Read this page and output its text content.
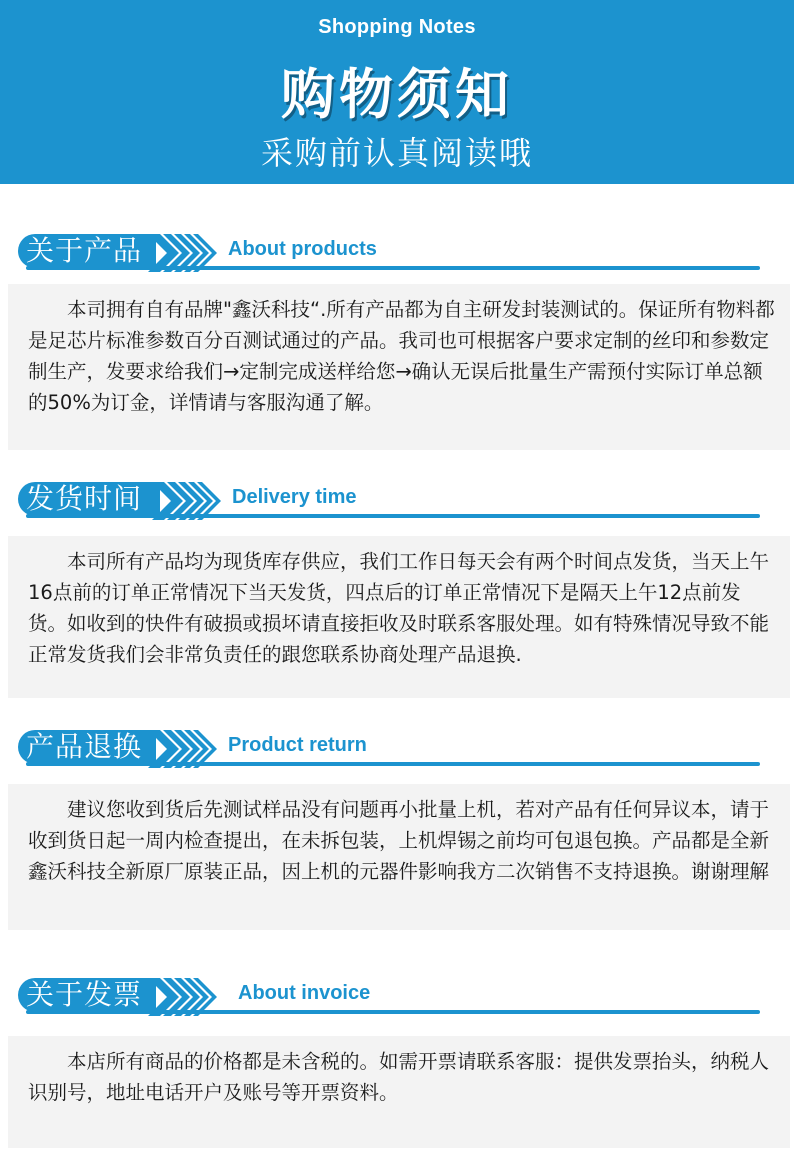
Shopping Notes
购物须知
采购前认真阅读哦
关于产品	About products

本司拥有自有品牌"鑫沃科技“.所有产品都为自主研发封装测试的。保证所有物料都是足芯片标准参数百分百测试通过的产品。我司也可根据客户要求定制的丝印和参数定制生产，发要求给我们→定制完成送样给您→确认无误后批量生产需预付实际订单总额的50%为订金，详情请与客服沟通了解。

发货时间	Delivery time

本司所有产品均为现货库存供应，我们工作日每天会有两个时间点发货，当天上午16点前的订单正常情况下当天发货，四点后的订单正常情况下是隔天上午12点前发货。如收到的快件有破损或损坏请直接拒收及时联系客服处理。如有特殊情况导致不能正常发货我们会非常负责任的跟您联系协商处理产品退换.

产品退换	Product return

建议您收到货后先测试样品没有问题再小批量上机，若对产品有任何异议本，请于收到货日起一周内检查提出，在未拆包装，上机焊锡之前均可包退包换。产品都是全新鑫沃科技全新原厂原装正品，因上机的元器件影响我方二次销售不支持退换。谢谢理解

关于发票	About invoice

本店所有商品的价格都是未含税的。如需开票请联系客服：提供发票抬头，纳税人识别号，地址电话开户及账号等开票资料。
